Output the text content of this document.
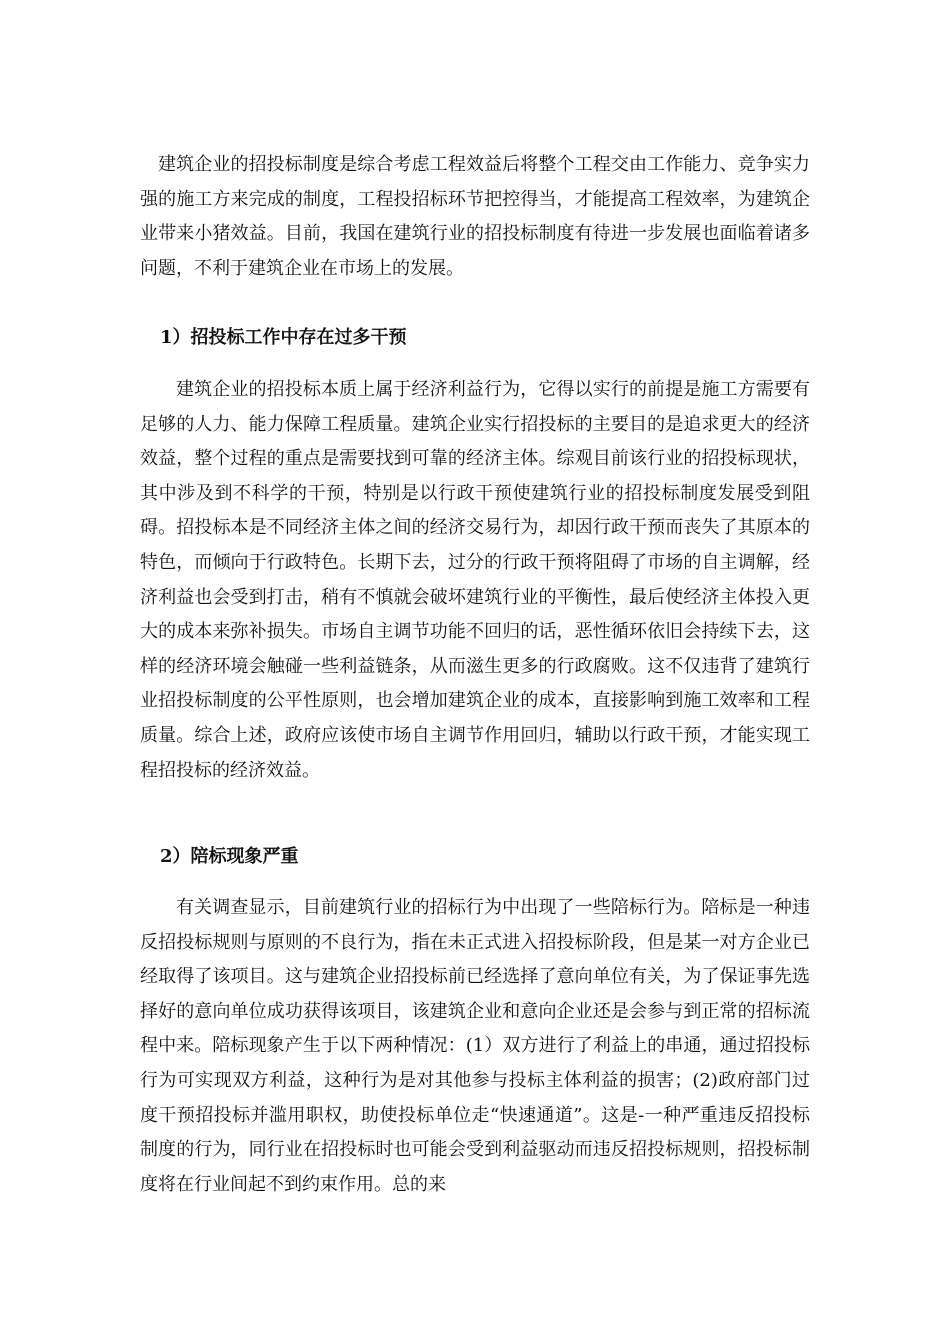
建筑企业的招投标制度是综合考虑工程效益后将整个工程交由工作能力、竞争实力强的施工方来完成的制度，工程投招标环节把控得当，才能提高工程效率，为建筑企业带来小猪效益。目前，我国在建筑行业的招投标制度有待进一步发展也面临着诸多问题，不利于建筑企业在市场上的发展。

1）招投标工作中存在过多干预

建筑企业的招投标本质上属于经济利益行为，它得以实行的前提是施工方需要有足够的人力、能力保障工程质量。建筑企业实行招投标的主要目的是追求更大的经济效益，整个过程的重点是需要找到可靠的经济主体。综观目前该行业的招投标现状，其中涉及到不科学的干预，特别是以行政干预使建筑行业的招投标制度发展受到阻碍。招投标本是不同经济主体之间的经济交易行为，却因行政干预而丧失了其原本的特色，而倾向于行政特色。长期下去，过分的行政干预将阻碍了市场的自主调解，经济利益也会受到打击，稍有不慎就会破坏建筑行业的平衡性，最后使经济主体投入更大的成本来弥补损失。市场自主调节功能不回归的话，恶性循环依旧会持续下去，这样的经济环境会触碰一些利益链条，从而滋生更多的行政腐败。这不仅违背了建筑行业招投标制度的公平性原则，也会增加建筑企业的成本，直接影响到施工效率和工程质量。综合上述，政府应该使市场自主调节作用回归，辅助以行政干预，才能实现工程招投标的经济效益。

2）陪标现象严重

有关调查显示，目前建筑行业的招标行为中出现了一些陪标行为。陪标是一种违反招投标规则与原则的不良行为，指在未正式进入招投标阶段，但是某一对方企业已经取得了该项目。这与建筑企业招投标前已经选择了意向单位有关，为了保证事先选择好的意向单位成功获得该项目，该建筑企业和意向企业还是会参与到正常的招标流程中来。陪标现象产生于以下两种情况：(1）双方进行了利益上的串通，通过招投标行为可实现双方利益，这种行为是对其他参与投标主体利益的损害；(2)政府部门过度干预招投标并滥用职权，助使投标单位走“快速通道”。这是-一种严重违反招投标制度的行为，同行业在招投标时也可能会受到利益驱动而违反招投标规则，招投标制度将在行业间起不到约束作用。总的来
